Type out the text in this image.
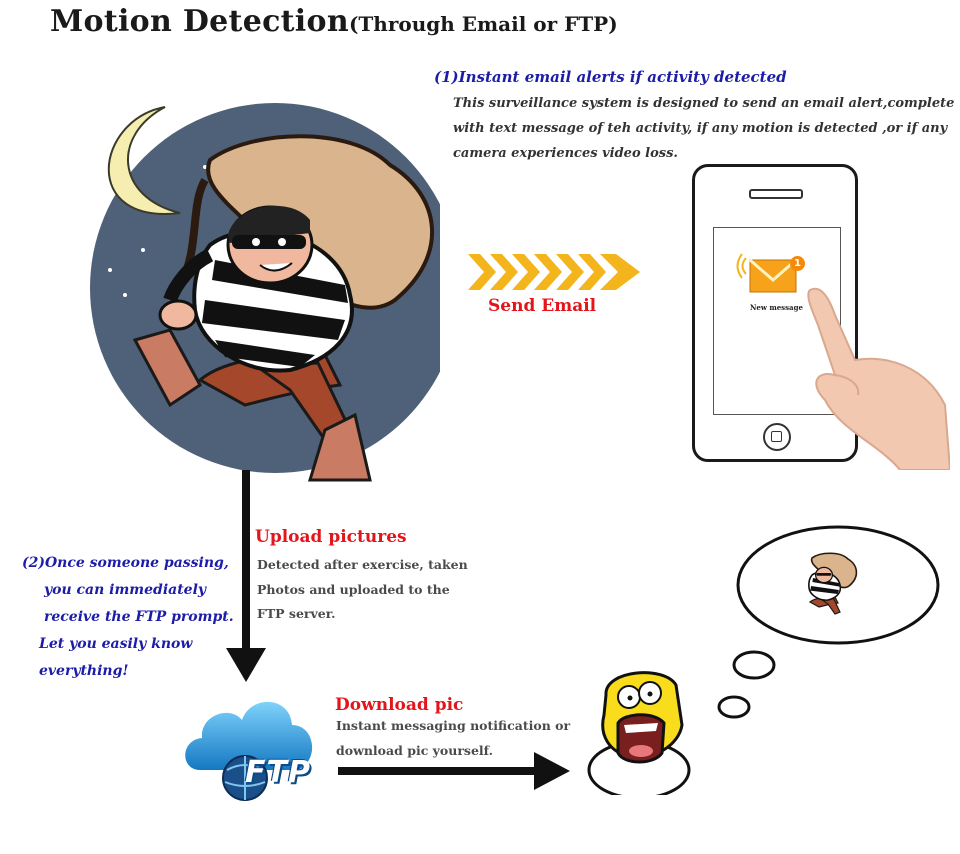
Motion Detection(Through Email or FTP)
(1)Instant email alerts if activity detected
This surveillance system is designed to send an email alert,complete
with text message of teh activity, if any motion is detected ,or if any
camera experiences video loss.
Send Email
1
New message
Upload pictures
Detected after exercise, taken
Photos and uploaded to the
FTP server.
(2)Once someone passing,
you can immediately
receive the FTP prompt.
Let you easily know
everything!
FTP
Download pic
Instant messaging notification or
download pic yourself.
